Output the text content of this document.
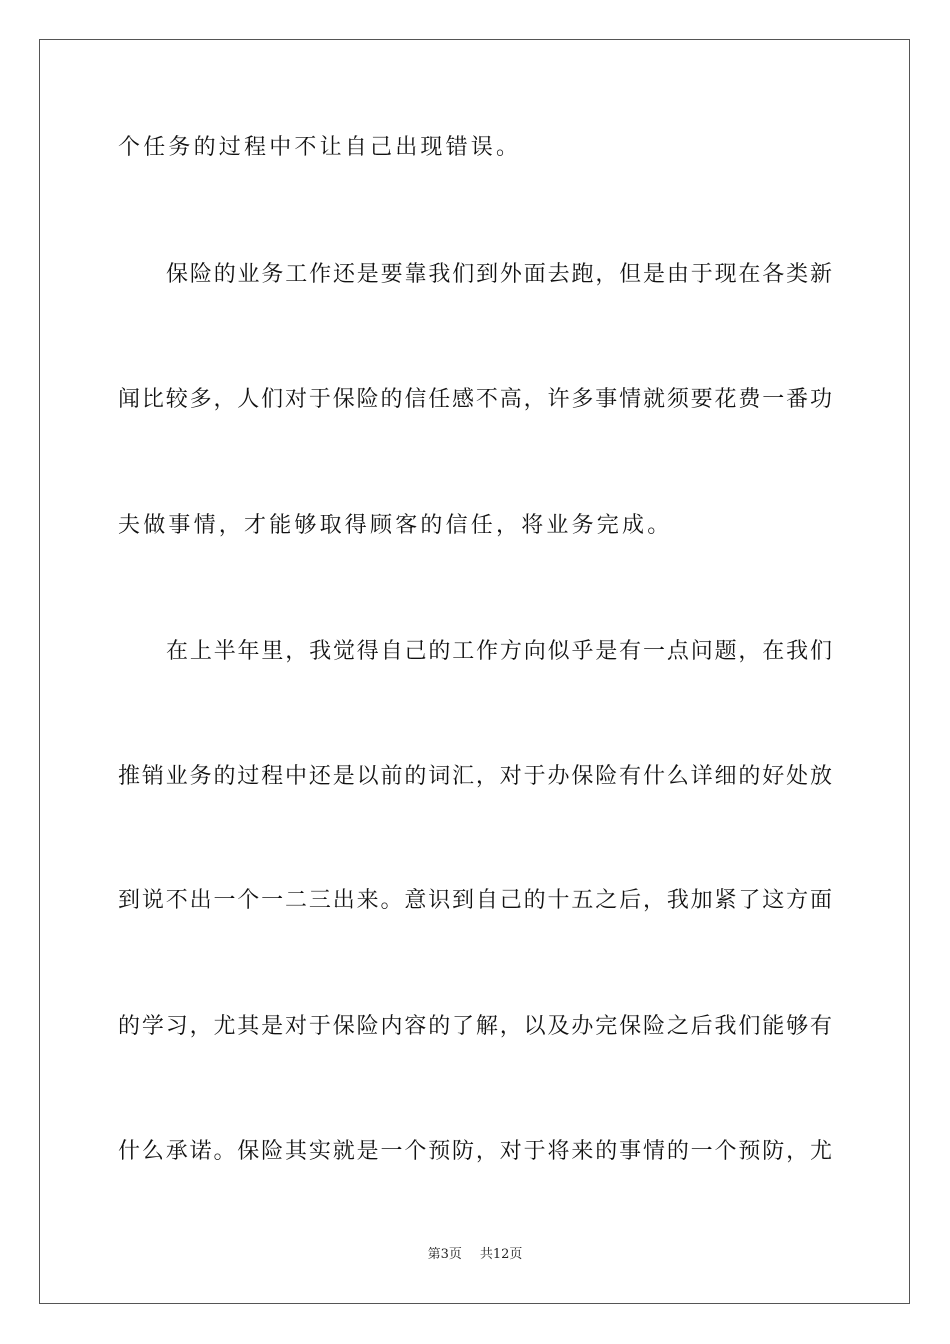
个任务的过程中不让自己出现错误。
保险的业务工作还是要靠我们到外面去跑，但是由于现在各类新
闻比较多，人们对于保险的信任感不高，许多事情就须要花费一番功
夫做事情，才能够取得顾客的信任，将业务完成。
在上半年里，我觉得自己的工作方向似乎是有一点问题，在我们
推销业务的过程中还是以前的词汇，对于办保险有什么详细的好处放
到说不出一个一二三出来。意识到自己的十五之后，我加紧了这方面
的学习，尤其是对于保险内容的了解，以及办完保险之后我们能够有
什么承诺。保险其实就是一个预防，对于将来的事情的一个预防，尤
第3页 共12页
